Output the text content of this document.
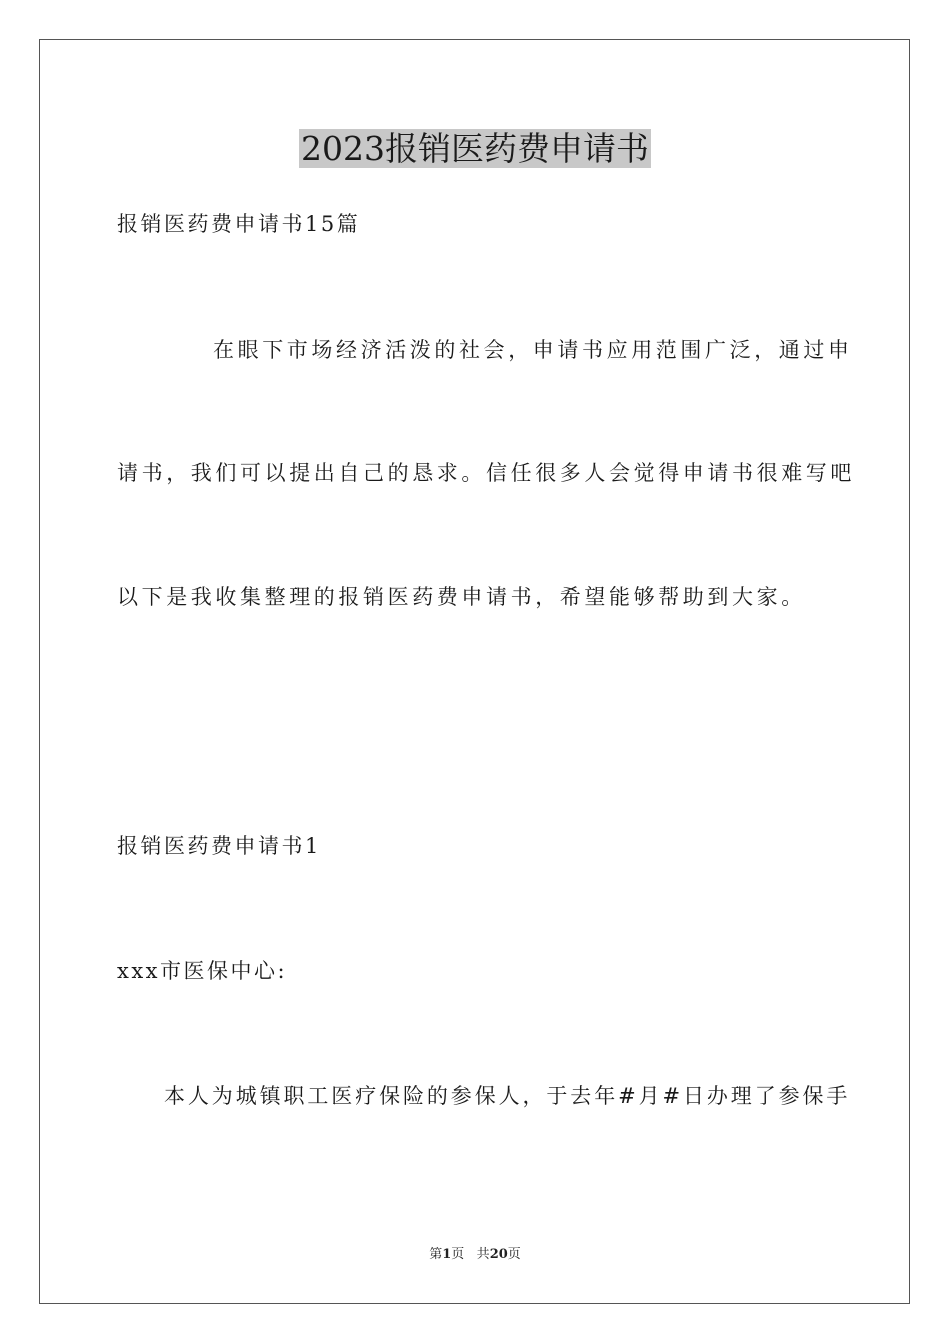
2023报销医药费申请书
报销医药费申请书15篇
在眼下市场经济活泼的社会，申请书应用范围广泛，通过申
请书，我们可以提出自己的恳求。信任很多人会觉得申请书很难写吧
以下是我收集整理的报销医药费申请书，希望能够帮助到大家。
报销医药费申请书1
xxx市医保中心:
本人为城镇职工医疗保险的参保人，于去年#月#日办理了参保手
第1页 共20页
